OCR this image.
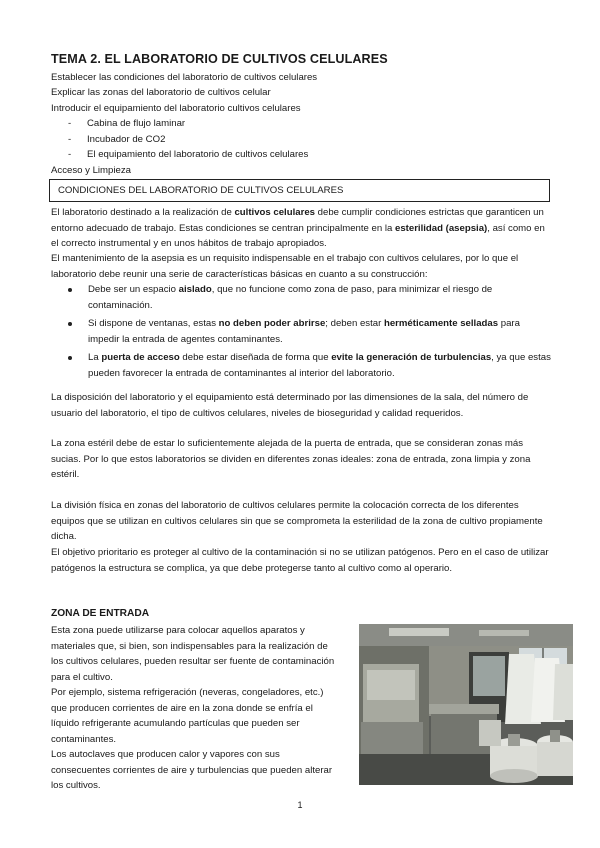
TEMA 2. EL LABORATORIO DE CULTIVOS CELULARES
Establecer las condiciones del laboratorio de cultivos celulares
Explicar las zonas del laboratorio de cultivos celular
Introducir el equipamiento del laboratorio cultivos celulares
- Cabina de flujo laminar
- Incubador de CO2
- El equipamiento del laboratorio de cultivos celulares
Acceso y Limpieza
CONDICIONES DEL LABORATORIO DE CULTIVOS CELULARES

El laboratorio destinado a la realización de cultivos celulares debe cumplir condiciones estrictas que garanticen un entorno adecuado de trabajo. Estas condiciones se centran principalmente en la esterilidad (asepsia), así como en el correcto instrumental y en unos hábitos de trabajo apropiados.

El mantenimiento de la asepsia es un requisito indispensable en el trabajo con cultivos celulares, por lo que el laboratorio debe reunir una serie de características básicas en cuanto a su construcción:
Debe ser un espacio aislado, que no funcione como zona de paso, para minimizar el riesgo de contaminación.
Si dispone de ventanas, estas no deben poder abrirse; deben estar herméticamente selladas para impedir la entrada de agentes contaminantes.
La puerta de acceso debe estar diseñada de forma que evite la generación de turbulencias, ya que estas pueden favorecer la entrada de contaminantes al interior del laboratorio.
La disposición del laboratorio y el equipamiento está determinado por las dimensiones de la sala, del número de usuario del laboratorio, el tipo de cultivos celulares, niveles de bioseguridad y calidad requeridos.
La zona estéril debe de estar lo suficientemente alejada de la puerta de entrada, que se consideran zonas más sucias. Por lo que estos laboratorios se dividen en diferentes zonas ideales: zona de entrada, zona limpia y zona estéril.
La división física en zonas del laboratorio de cultivos celulares permite la colocación correcta de los diferentes equipos que se utilizan en cultivos celulares sin que se comprometa la esterilidad de la zona de cultivo propiamente dicha.
El objetivo prioritario es proteger al cultivo de la contaminación si no se utilizan patógenos. Pero en el caso de utilizar patógenos la estructura se complica, ya que debe protegerse tanto al cultivo como al operario.
ZONA DE ENTRADA

Esta zona puede utilizarse para colocar aquellos aparatos y materiales que, si bien, son indispensables para la realización de los cultivos celulares, pueden resultar ser fuente de contaminación para el cultivo.

Por ejemplo, sistema refrigeración (neveras, congeladores, etc.) que producen corrientes de aire en la zona donde se enfría el líquido refrigerante acumulando partículas que pueden ser contaminantes.

Los autoclaves que producen calor y vapores con sus consecuentes corrientes de aire y turbulencias que pueden alterar los cultivos.

1
